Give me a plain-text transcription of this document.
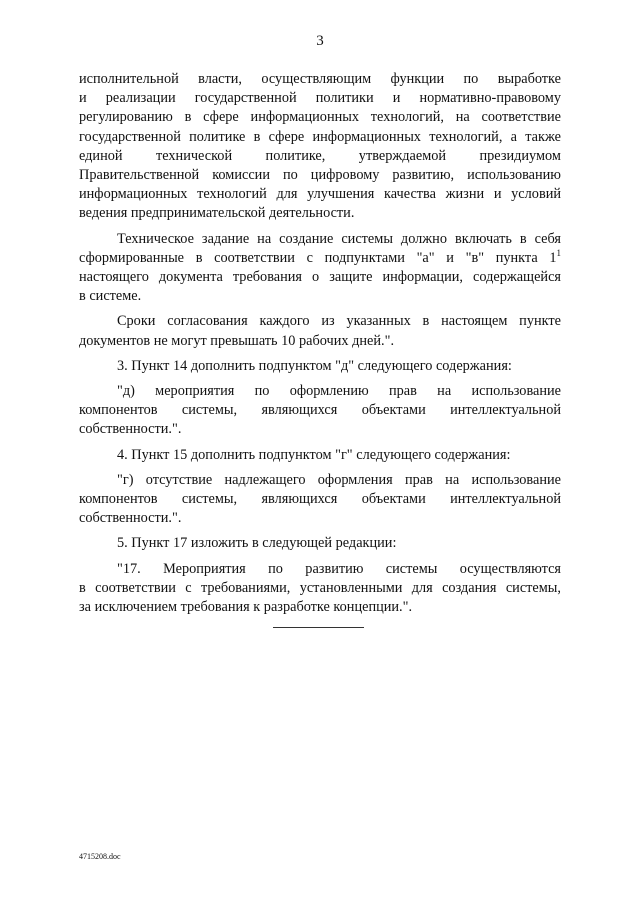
3
исполнительной власти, осуществляющим функции по выработке
и реализации государственной политики и нормативно-правовому
регулированию в сфере информационных технологий, на соответствие
государственной политике в сфере информационных технологий, а также
единой технической политике, утверждаемой президиумом
Правительственной комиссии по цифровому развитию, использованию
информационных технологий для улучшения качества жизни и условий
ведения предпринимательской деятельности.
Техническое задание на создание системы должно включать в себя
сформированные в соответствии с подпунктами "а" и "в" пункта $1^1$
настоящего документа требования о защите информации, содержащейся
в системе.
Сроки согласования каждого из указанных в настоящем пункте
документов не могут превышать 10 рабочих дней.".
3. Пункт 14 дополнить подпунктом "д" следующего содержания:
"д) мероприятия по оформлению прав на использование
компонентов системы, являющихся объектами интеллектуальной
собственности.".
4. Пункт 15 дополнить подпунктом "г" следующего содержания:
"г) отсутствие надлежащего оформления прав на использование
компонентов системы, являющихся объектами интеллектуальной
собственности.".
5. Пункт 17 изложить в следующей редакции:
"17. Мероприятия по развитию системы осуществляются
в соответствии с требованиями, установленными для создания системы,
за исключением требования к разработке концепции.".
4715208.doc
